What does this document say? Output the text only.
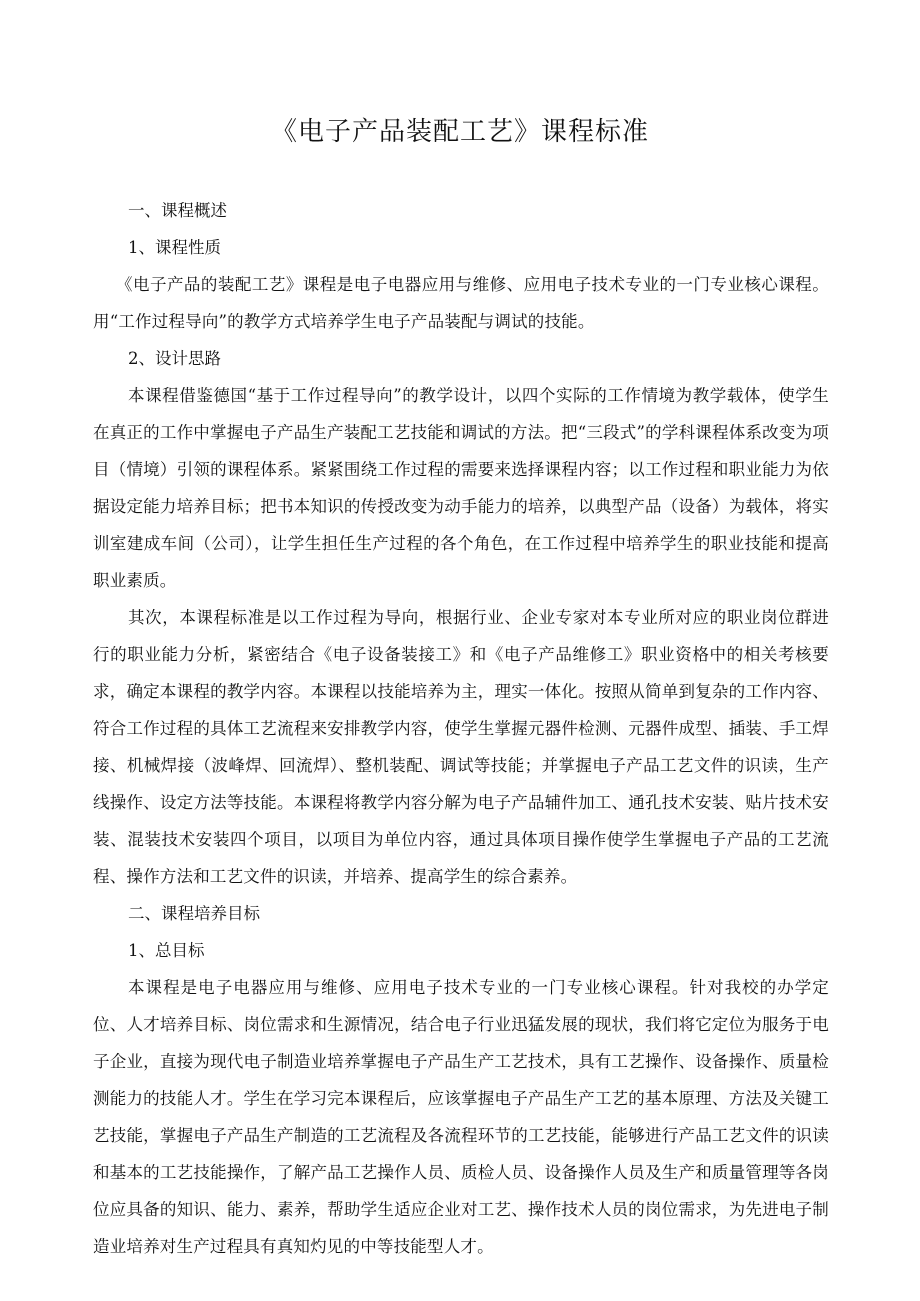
《电子产品装配工艺》课程标准

一、课程概述

1、课程性质

《电子产品的装配工艺》课程是电子电器应用与维修、应用电子技术专业的一门专业核心课程。用“工作过程导向”的教学方式培养学生电子产品装配与调试的技能。

2、设计思路

本课程借鉴德国“基于工作过程导向”的教学设计，以四个实际的工作情境为教学载体，使学生在真正的工作中掌握电子产品生产装配工艺技能和调试的方法。把“三段式”的学科课程体系改变为项目（情境）引领的课程体系。紧紧围绕工作过程的需要来选择课程内容；以工作过程和职业能力为依据设定能力培养目标；把书本知识的传授改变为动手能力的培养，以典型产品（设备）为载体，将实训室建成车间（公司），让学生担任生产过程的各个角色，在工作过程中培养学生的职业技能和提高职业素质。

其次，本课程标准是以工作过程为导向，根据行业、企业专家对本专业所对应的职业岗位群进行的职业能力分析，紧密结合《电子设备装接工》和《电子产品维修工》职业资格中的相关考核要求，确定本课程的教学内容。本课程以技能培养为主，理实一体化。按照从简单到复杂的工作内容、符合工作过程的具体工艺流程来安排教学内容，使学生掌握元器件检测、元器件成型、插装、手工焊接、机械焊接（波峰焊、回流焊）、整机装配、调试等技能；并掌握电子产品工艺文件的识读，生产线操作、设定方法等技能。本课程将教学内容分解为电子产品辅件加工、通孔技术安装、贴片技术安装、混装技术安装四个项目，以项目为单位内容，通过具体项目操作使学生掌握电子产品的工艺流程、操作方法和工艺文件的识读，并培养、提高学生的综合素养。

二、课程培养目标

1、总目标

本课程是电子电器应用与维修、应用电子技术专业的一门专业核心课程。针对我校的办学定位、人才培养目标、岗位需求和生源情况，结合电子行业迅猛发展的现状，我们将它定位为服务于电子企业，直接为现代电子制造业培养掌握电子产品生产工艺技术，具有工艺操作、设备操作、质量检测能力的技能人才。学生在学习完本课程后，应该掌握电子产品生产工艺的基本原理、方法及关键工艺技能，掌握电子产品生产制造的工艺流程及各流程环节的工艺技能，能够进行产品工艺文件的识读和基本的工艺技能操作，了解产品工艺操作人员、质检人员、设备操作人员及生产和质量管理等各岗位应具备的知识、能力、素养，帮助学生适应企业对工艺、操作技术人员的岗位需求，为先进电子制造业培养对生产过程具有真知灼见的中等技能型人才。
